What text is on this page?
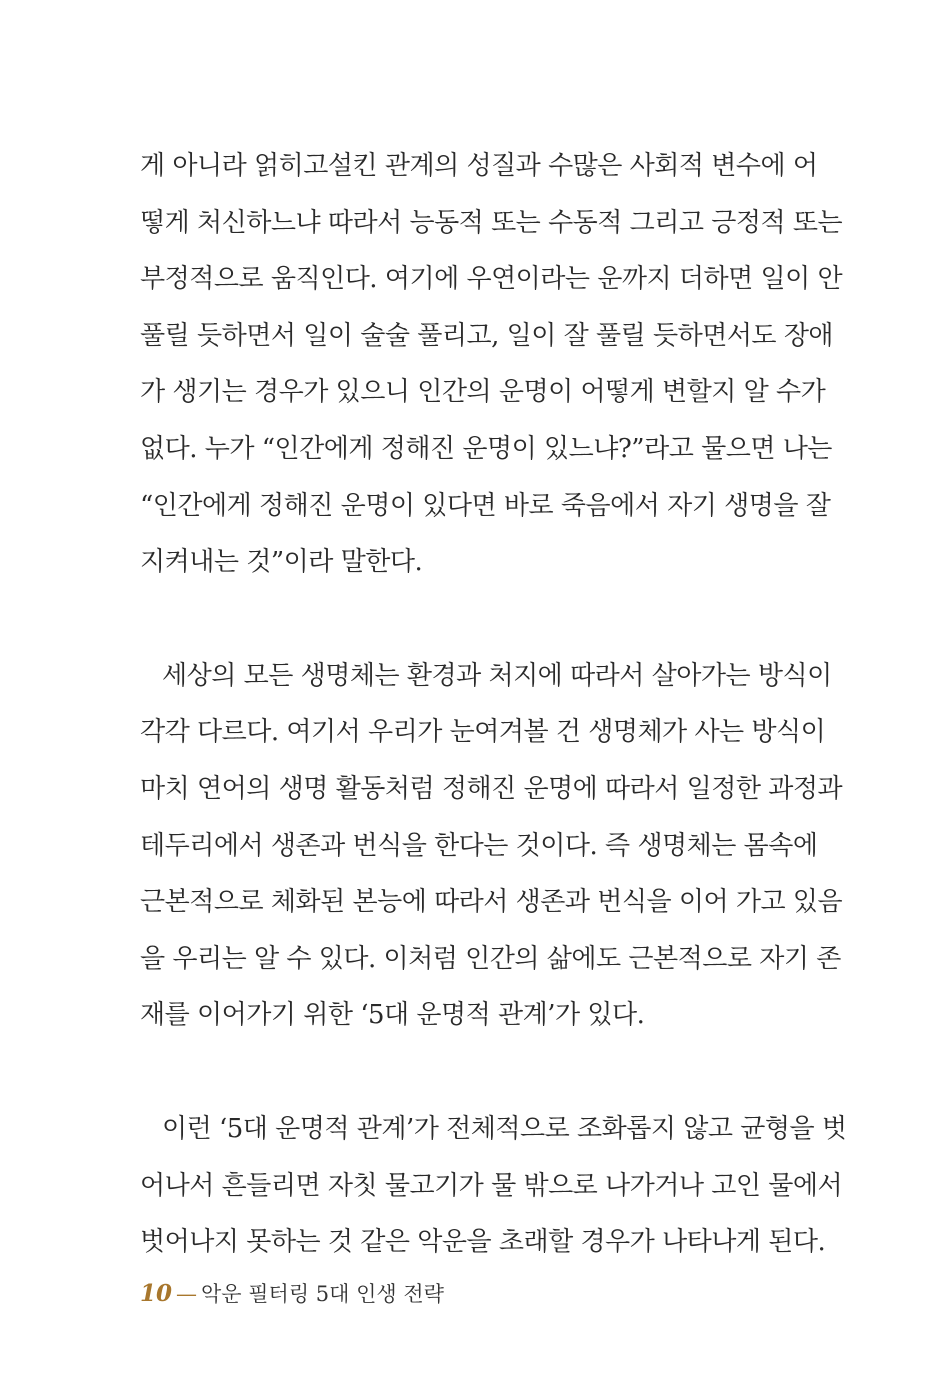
게 아니라 얽히고설킨 관계의 성질과 수많은 사회적 변수에 어
떻게 처신하느냐 따라서 능동적 또는 수동적 그리고 긍정적 또는
부정적으로 움직인다. 여기에 우연이라는 운까지 더하면 일이 안
풀릴 듯하면서 일이 술술 풀리고, 일이 잘 풀릴 듯하면서도 장애
가 생기는 경우가 있으니 인간의 운명이 어떻게 변할지 알 수가
없다. 누가 “인간에게 정해진 운명이 있느냐?”라고 물으면 나는
“인간에게 정해진 운명이 있다면 바로 죽음에서 자기 생명을 잘
지켜내는 것”이라 말한다.
세상의 모든 생명체는 환경과 처지에 따라서 살아가는 방식이
각각 다르다. 여기서 우리가 눈여겨볼 건 생명체가 사는 방식이
마치 연어의 생명 활동처럼 정해진 운명에 따라서 일정한 과정과
테두리에서 생존과 번식을 한다는 것이다. 즉 생명체는 몸속에
근본적으로 체화된 본능에 따라서 생존과 번식을 이어 가고 있음
을 우리는 알 수 있다. 이처럼 인간의 삶에도 근본적으로 자기 존
재를 이어가기 위한 ‘5대 운명적 관계’가 있다.
이런 ‘5대 운명적 관계’가 전체적으로 조화롭지 않고 균형을 벗
어나서 흔들리면 자칫 물고기가 물 밖으로 나가거나 고인 물에서
벗어나지 못하는 것 같은 악운을 초래할 경우가 나타나게 된다.
10 — 악운 필터링 5대 인생 전략
